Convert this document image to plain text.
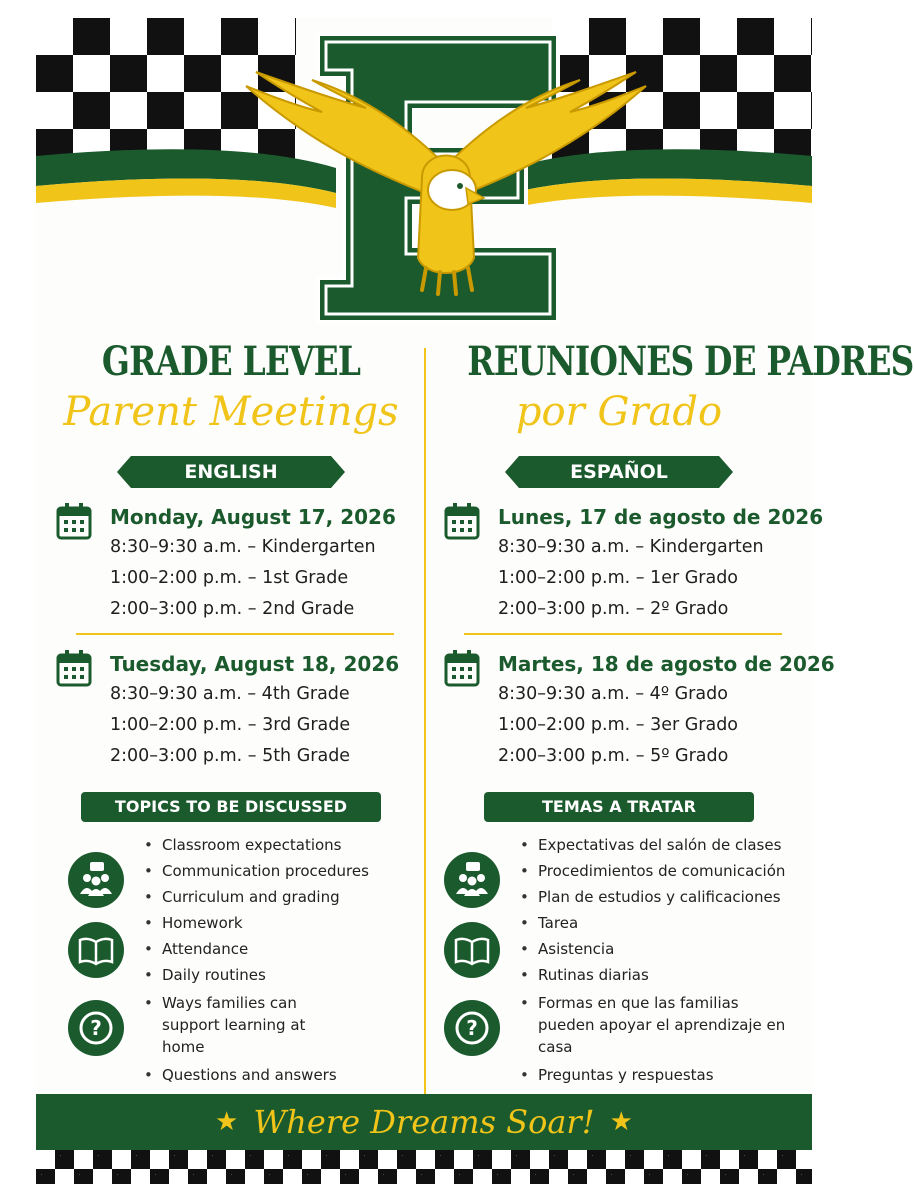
E
GRADE LEVEL
Parent Meetings
ENGLISH
Monday, August 17, 2026
8:30–9:30 a.m. – Kindergarten
1:00–2:00 p.m. – 1st Grade
2:00–3:00 p.m. – 2nd Grade
Tuesday, August 18, 2026
8:30–9:30 a.m. – 4th Grade
1:00–2:00 p.m. – 3rd Grade
2:00–3:00 p.m. – 5th Grade
TOPICS TO BE DISCUSSED
?
• Classroom expectations
• Communication procedures
• Curriculum and grading
• Homework
• Attendance
• Daily routines
• Ways families can support learning at home
• Questions and answers
REUNIONES DE PADRES
por Grado
ESPAÑOL
Lunes, 17 de agosto de 2026
8:30–9:30 a.m. – Kindergarten
1:00–2:00 p.m. – 1er Grado
2:00–3:00 p.m. – 2º Grado
Martes, 18 de agosto de 2026
8:30–9:30 a.m. – 4º Grado
1:00–2:00 p.m. – 3er Grado
2:00–3:00 p.m. – 5º Grado
TEMAS A TRATAR
?
• Expectativas del salón de clases
• Procedimientos de comunicación
• Plan de estudios y calificaciones
• Tarea
• Asistencia
• Rutinas diarias
• Formas en que las familias pueden apoyar el aprendizaje en casa
• Preguntas y respuestas
★ Where Dreams Soar! ★
